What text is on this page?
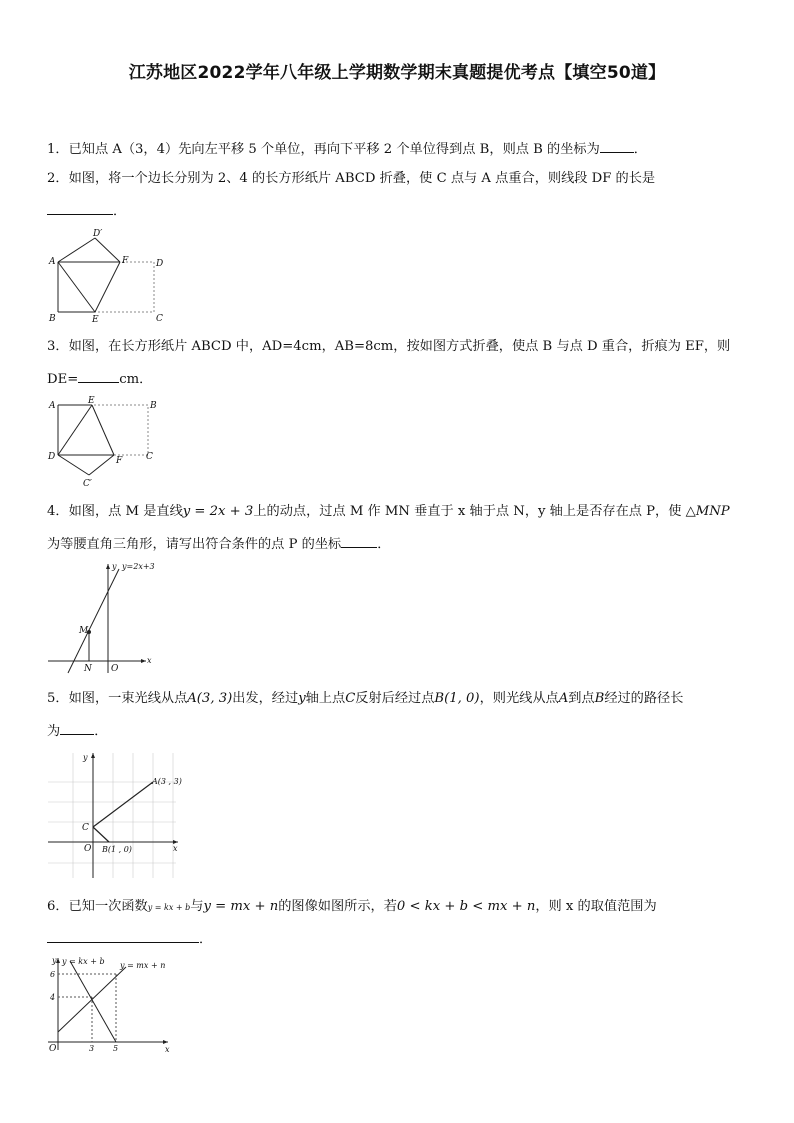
江苏地区2022学年八年级上学期数学期末真题提优考点【填空50道】
1．已知点 A（3，4）先向左平移 5 个单位，再向下平移 2 个单位得到点 B，则点 B 的坐标为	．
2．如图，将一个边长分别为 2、4 的长方形纸片 ABCD 折叠，使 C 点与 A 点重合，则线段 DF 的长是
．
A
B	E
F	D
C
D′
3．如图，在长方形纸片 ABCD 中，AD=4cm，AB=8cm，按如图方式折叠，使点 B 与点 D 重合，折痕为 EF，则
DE=	cm．
A	E	B
D	F	C
C′
4．如图，点 M 是直线y = 2x + 3上的动点，过点 M 作 MN 垂直于 x 轴于点 N，y 轴上是否存在点 P，使 △MNP
为等腰直角三角形，请写出符合条件的点 P 的坐标	．
y=2x+3
y
x
M
N O
5．如图，一束光线从点A(3, 3)出发，经过y轴上点C反射后经过点B(1, 0)，则光线从点A到点B经过的路径长
为	．
A(3 , 3)
B(1 , 0)
C
O	x
y
6．已知一次函数y = kx + b与y = mx + n的图像如图所示，若0 < kx + b < mx + n，则 x 的取值范围为
．
y = kx + b y = mx + n
y
x
O
6
4
3 5
